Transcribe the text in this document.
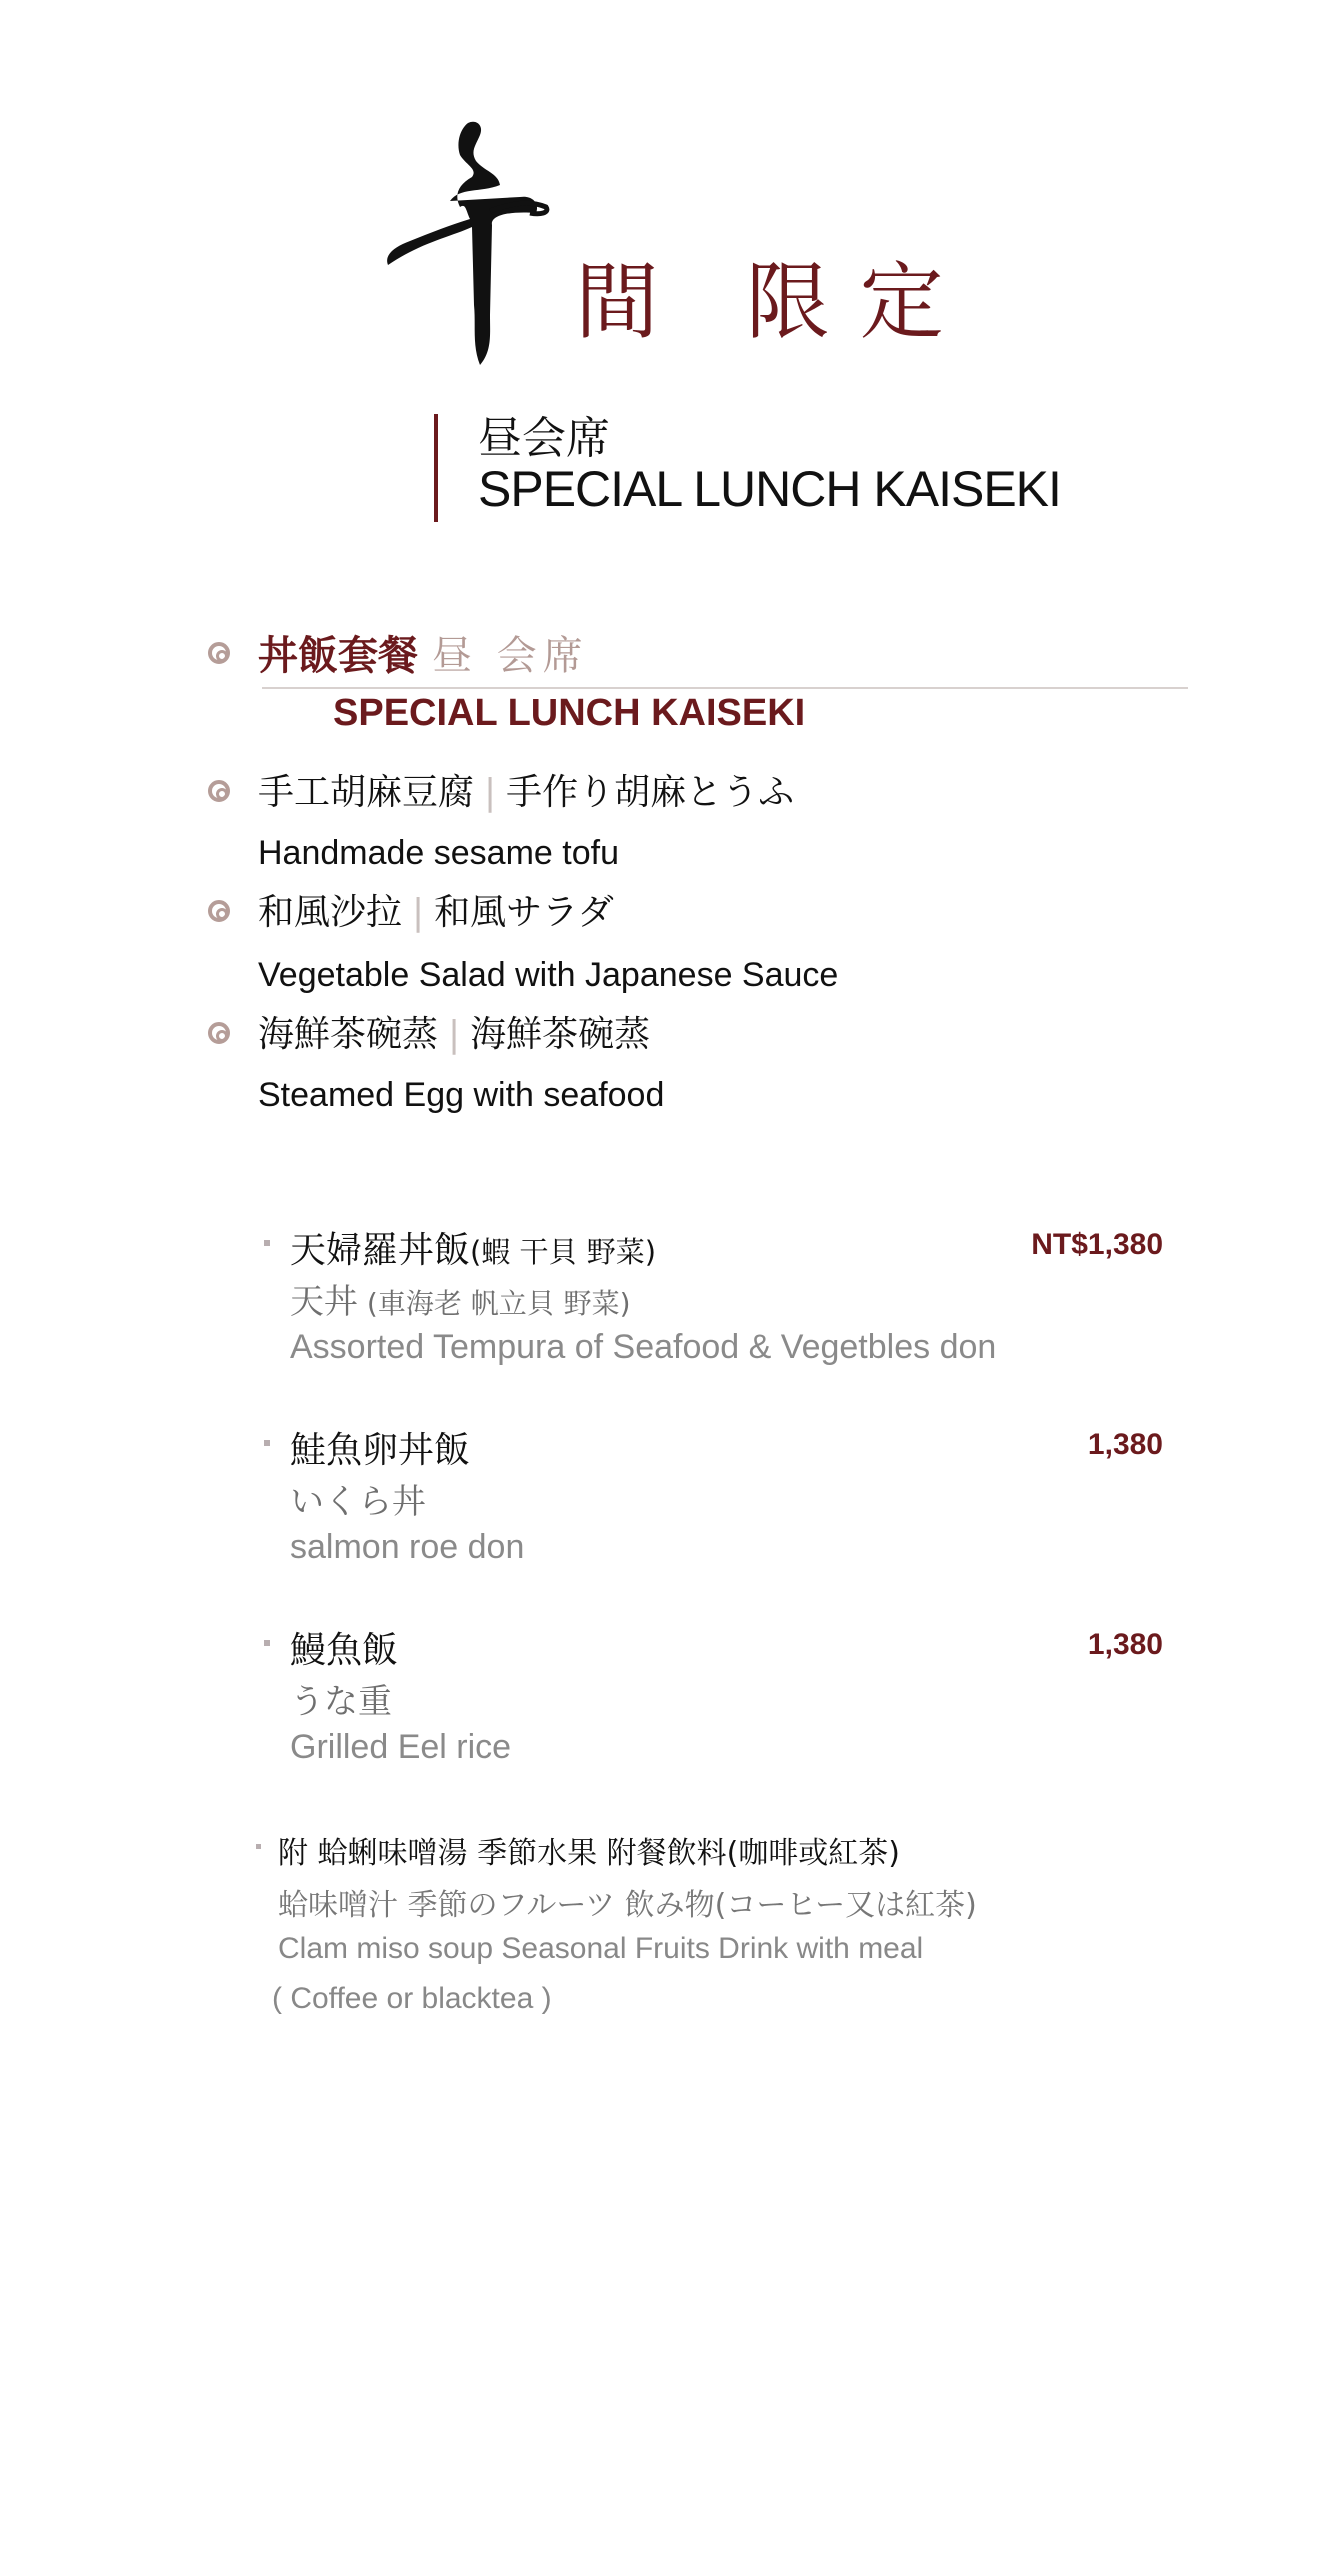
間 限定
昼会席
SPECIAL LUNCH KAISEKI
丼飯套餐 昼 会席
SPECIAL LUNCH KAISEKI
手工胡麻豆腐 | 手作り胡麻とうふ
Handmade sesame tofu
和風沙拉 | 和風サラダ
Vegetable Salad with Japanese Sauce
海鮮茶碗蒸 | 海鮮茶碗蒸
Steamed Egg with seafood
天婦羅丼飯(蝦 干貝 野菜)	NT$1,380
天丼 (車海老 帆立貝 野菜)
Assorted Tempura of Seafood & Vegetbles don
鮭魚卵丼飯	1,380
いくら丼
salmon roe don
鰻魚飯	1,380
うな重
Grilled Eel rice
附 蛤蜊味噌湯 季節水果 附餐飲料(咖啡或紅茶)
蛤味噌汁 季節のフルーツ 飲み物(コーヒー又は紅茶)
Clam miso soup Seasonal Fruits Drink with meal
( Coffee or blacktea )
